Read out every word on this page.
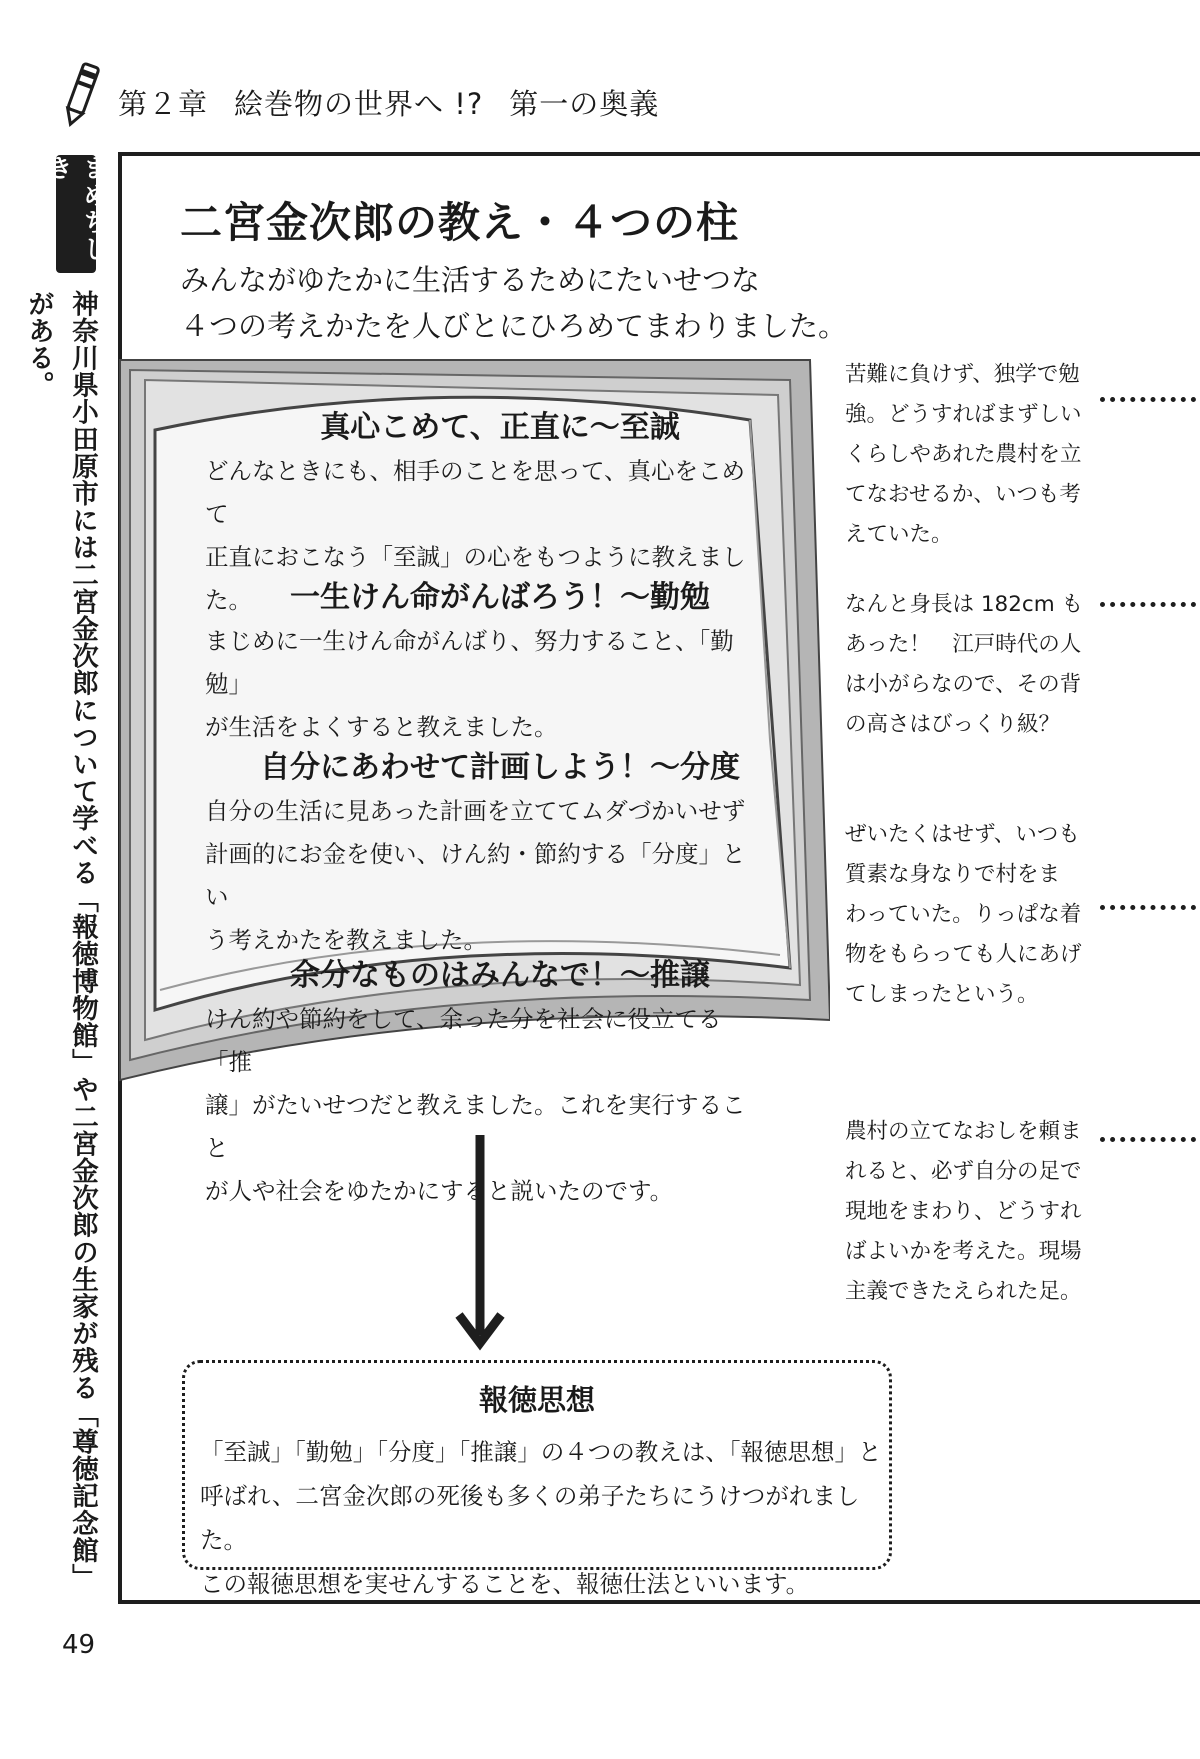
第２章 絵巻物の世界へ !? 第一の奥義
まめちしき
神奈川県小田原市には二宮金次郎について学べる「報徳博物館」や二宮金次郎の生家が残る「尊徳記念館」がある。
二宮金次郎の教え・４つの柱
みんながゆたかに生活するためにたいせつな
４つの考えかたを人びとにひろめてまわりました。
真心こめて、正直に～至誠
どんなときにも、相手のことを思って、真心をこめて
正直におこなう「至誠」の心をもつように教えました。	一生けん命がんばろう！～勤勉
まじめに一生けん命がんばり、努力すること、「勤勉」
が生活をよくすると教えました。
自分にあわせて計画しよう！～分度
自分の生活に見あった計画を立ててムダづかいせず
計画的にお金を使い、けん約・節約する「分度」とい
う考えかたを教えました。
余分なものはみんなで！～推譲
けん約や節約をして、余った分を社会に役立てる「推
譲」がたいせつだと教えました。これを実行すること
が人や社会をゆたかにすると説いたのです。
報徳思想
「至誠」「勤勉」「分度」「推譲」の４つの教えは、「報徳思想」と
呼ばれ、二宮金次郎の死後も多くの弟子たちにうけつがれました。
この報徳思想を実せんすることを、報徳仕法といいます。
苦難に負けず、独学で勉
強。どうすればまずしい
くらしやあれた農村を立
てなおせるか、いつも考
えていた。
なんと身長は 182cm も
あった！　江戸時代の人
は小がらなので、その背
の高さはびっくり級？
ぜいたくはせず、いつも
質素な身なりで村をま
わっていた。りっぱな着
物をもらっても人にあげ
てしまったという。
農村の立てなおしを頼ま
れると、必ず自分の足で
現地をまわり、どうすれ
ばよいかを考えた。現場
主義できたえられた足。
49
